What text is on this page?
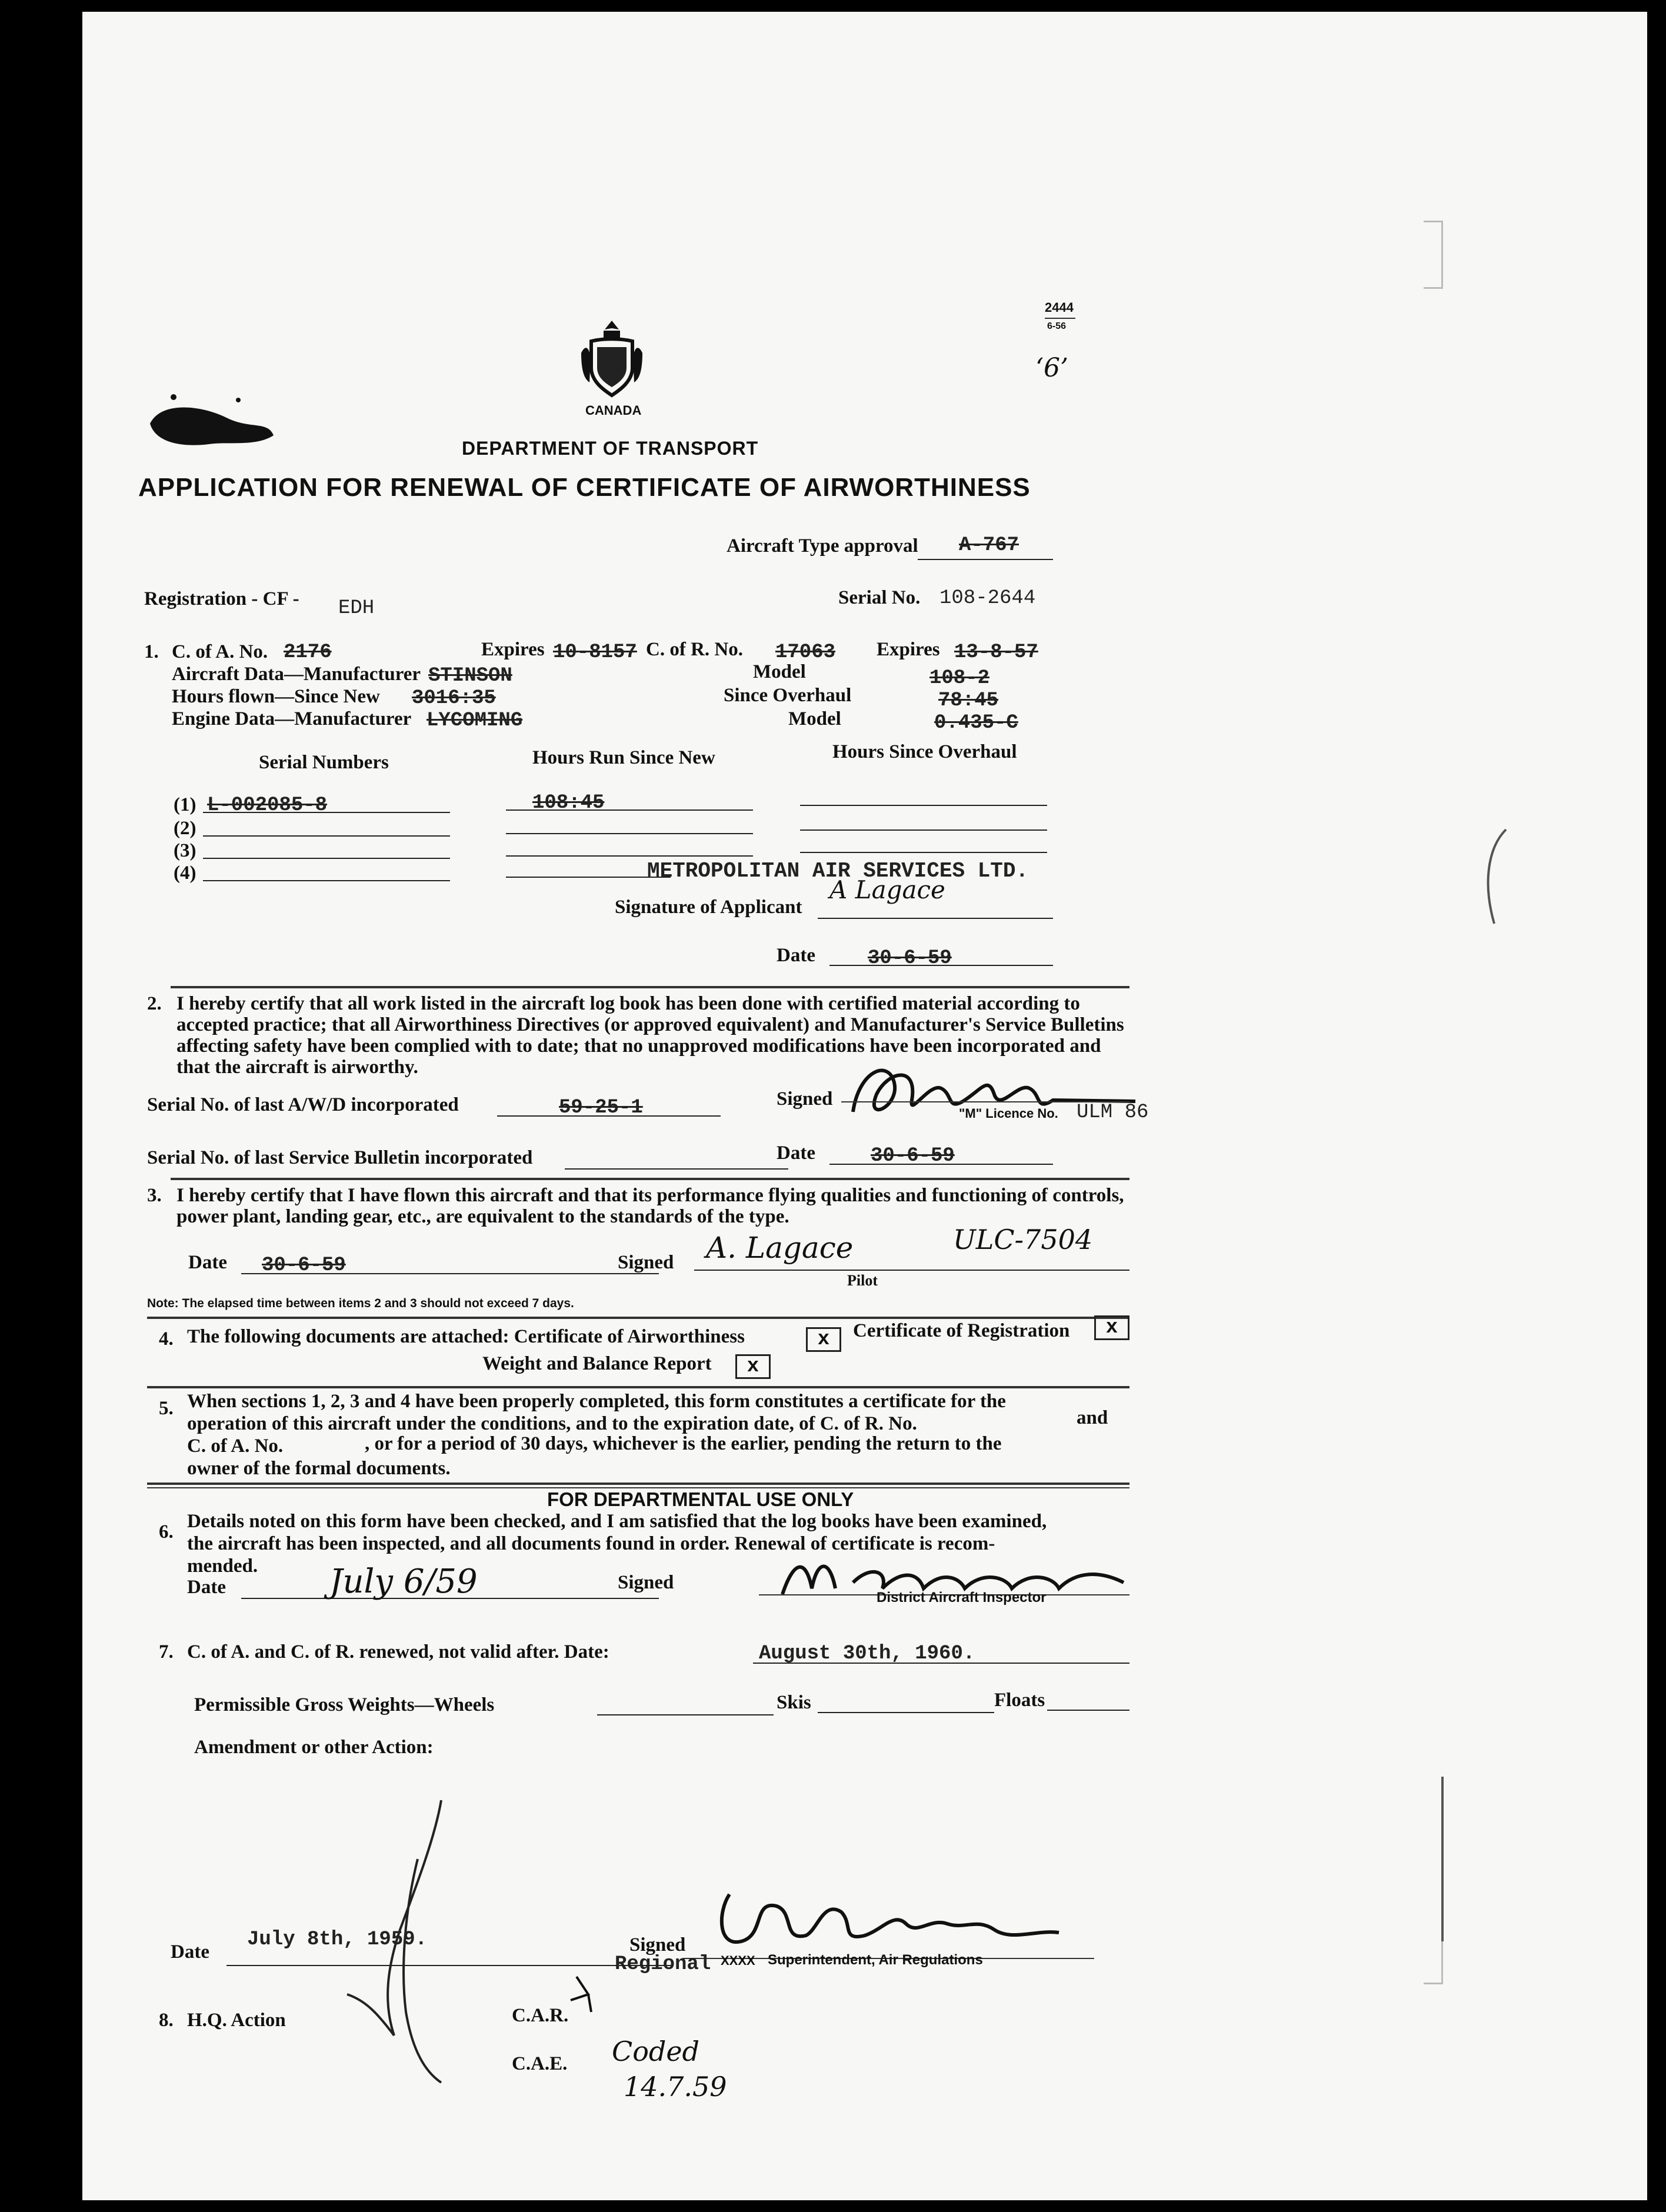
2444
6-56
‘6’
CANADA
DEPARTMENT OF TRANSPORT
APPLICATION FOR RENEWAL OF CERTIFICATE OF AIRWORTHINESS
Aircraft Type approval A-767
Registration - CF - EDH	Serial No. 108-2644
1. C. of A. No. 2176	Expires 10-8157 C. of R. No. 17063 Expires 13-8-57
Aircraft Data—Manufacturer STINSON	Model	108-2
Hours flown—Since New 3016:35	Since Overhaul	78:45
Engine Data—Manufacturer LYCOMING	Model	0.435-C
Serial Numbers	Hours Run Since New	Hours Since Overhaul
(1) L-002085-8	108:45
(2)
(3)
(4)	METROPOLITAN AIR SERVICES LTD.
Signature of Applicant
A Lagace
Date	30-6-59
2. I hereby certify that all work listed in the aircraft log book has been done with certified material according to accepted practice; that all Airworthiness Directives (or approved equivalent) and Manufacturer's Service Bulletins affecting safety have been complied with to date; that no unapproved modifications have been incorporated and that the aircraft is airworthy.
Serial No. of last A/W/D incorporated	59-25-1	Signed
"M" Licence No. ULM 86
Serial No. of last Service Bulletin incorporated	Date	30-6-59
3. I hereby certify that I have flown this aircraft and that its performance flying qualities and functioning of controls, power plant, landing gear, etc., are equivalent to the standards of the type.
Date 30-6-59	Signed A. Lagace	ULC-7504
Pilot
Note: The elapsed time between items 2 and 3 should not exceed 7 days.
4. The following documents are attached: Certificate of Airworthiness	x	Certificate of Registration	x
Weight and Balance Report	x
5. When sections 1, 2, 3 and 4 have been properly completed, this form constitutes a certificate for the
operation of this aircraft under the conditions, and to the expiration date, of C. of R. No.	and
C. of A. No.	, or for a period of 30 days, whichever is the earlier, pending the return to the
owner of the formal documents.
FOR DEPARTMENTAL USE ONLY
6. Details noted on this form have been checked, and I am satisfied that the log books have been examined,
the aircraft has been inspected, and all documents found in order. Renewal of certificate is recom-
mended.
Date	July 6/59	Signed
District Aircraft Inspector
7. C. of A. and C. of R. renewed, not valid after. Date:	August 30th, 1960.
Permissible Gross Weights—Wheels	Skis	Floats
Amendment or other Action:
Date
July 8th, 1959.	Signed
Regional XXXX Superintendent, Air Regulations
8. H.Q. Action	C.A.R.
C.A.E. Coded
14.7.59
